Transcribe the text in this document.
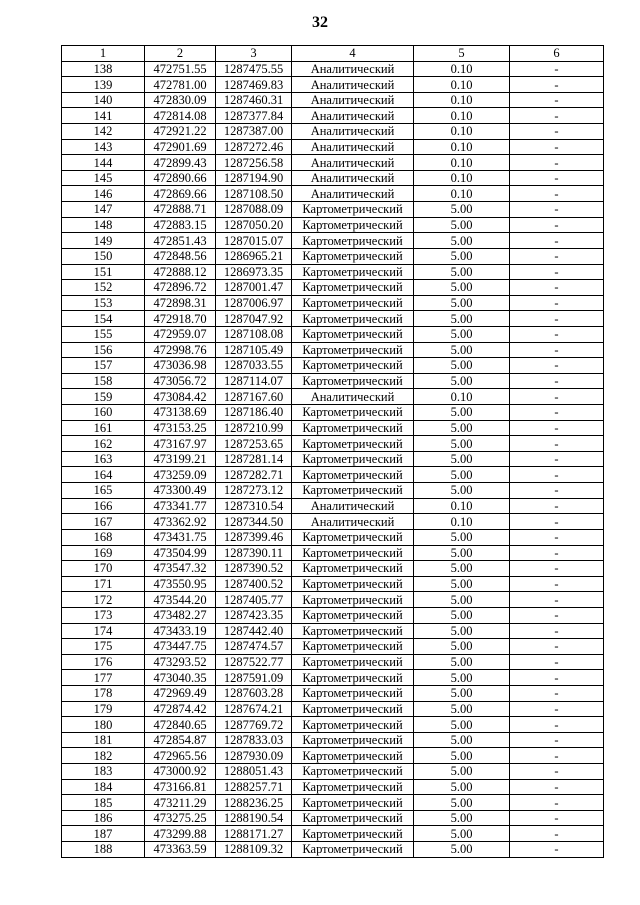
32
1	2	3	4	5	6
138	472751.55	1287475.55	Аналитический	0.10	-
139	472781.00	1287469.83	Аналитический	0.10	-
140	472830.09	1287460.31	Аналитический	0.10	-
141	472814.08	1287377.84	Аналитический	0.10	-
142	472921.22	1287387.00	Аналитический	0.10	-
143	472901.69	1287272.46	Аналитический	0.10	-
144	472899.43	1287256.58	Аналитический	0.10	-
145	472890.66	1287194.90	Аналитический	0.10	-
146	472869.66	1287108.50	Аналитический	0.10	-
147	472888.71	1287088.09	Картометрический	5.00	-
148	472883.15	1287050.20	Картометрический	5.00	-
149	472851.43	1287015.07	Картометрический	5.00	-
150	472848.56	1286965.21	Картометрический	5.00	-
151	472888.12	1286973.35	Картометрический	5.00	-
152	472896.72	1287001.47	Картометрический	5.00	-
153	472898.31	1287006.97	Картометрический	5.00	-
154	472918.70	1287047.92	Картометрический	5.00	-
155	472959.07	1287108.08	Картометрический	5.00	-
156	472998.76	1287105.49	Картометрический	5.00	-
157	473036.98	1287033.55	Картометрический	5.00	-
158	473056.72	1287114.07	Картометрический	5.00	-
159	473084.42	1287167.60	Аналитический	0.10	-
160	473138.69	1287186.40	Картометрический	5.00	-
161	473153.25	1287210.99	Картометрический	5.00	-
162	473167.97	1287253.65	Картометрический	5.00	-
163	473199.21	1287281.14	Картометрический	5.00	-
164	473259.09	1287282.71	Картометрический	5.00	-
165	473300.49	1287273.12	Картометрический	5.00	-
166	473341.77	1287310.54	Аналитический	0.10	-
167	473362.92	1287344.50	Аналитический	0.10	-
168	473431.75	1287399.46	Картометрический	5.00	-
169	473504.99	1287390.11	Картометрический	5.00	-
170	473547.32	1287390.52	Картометрический	5.00	-
171	473550.95	1287400.52	Картометрический	5.00	-
172	473544.20	1287405.77	Картометрический	5.00	-
173	473482.27	1287423.35	Картометрический	5.00	-
174	473433.19	1287442.40	Картометрический	5.00	-
175	473447.75	1287474.57	Картометрический	5.00	-
176	473293.52	1287522.77	Картометрический	5.00	-
177	473040.35	1287591.09	Картометрический	5.00	-
178	472969.49	1287603.28	Картометрический	5.00	-
179	472874.42	1287674.21	Картометрический	5.00	-
180	472840.65	1287769.72	Картометрический	5.00	-
181	472854.87	1287833.03	Картометрический	5.00	-
182	472965.56	1287930.09	Картометрический	5.00	-
183	473000.92	1288051.43	Картометрический	5.00	-
184	473166.81	1288257.71	Картометрический	5.00	-
185	473211.29	1288236.25	Картометрический	5.00	-
186	473275.25	1288190.54	Картометрический	5.00	-
187	473299.88	1288171.27	Картометрический	5.00	-
188	473363.59	1288109.32	Картометрический	5.00	-
